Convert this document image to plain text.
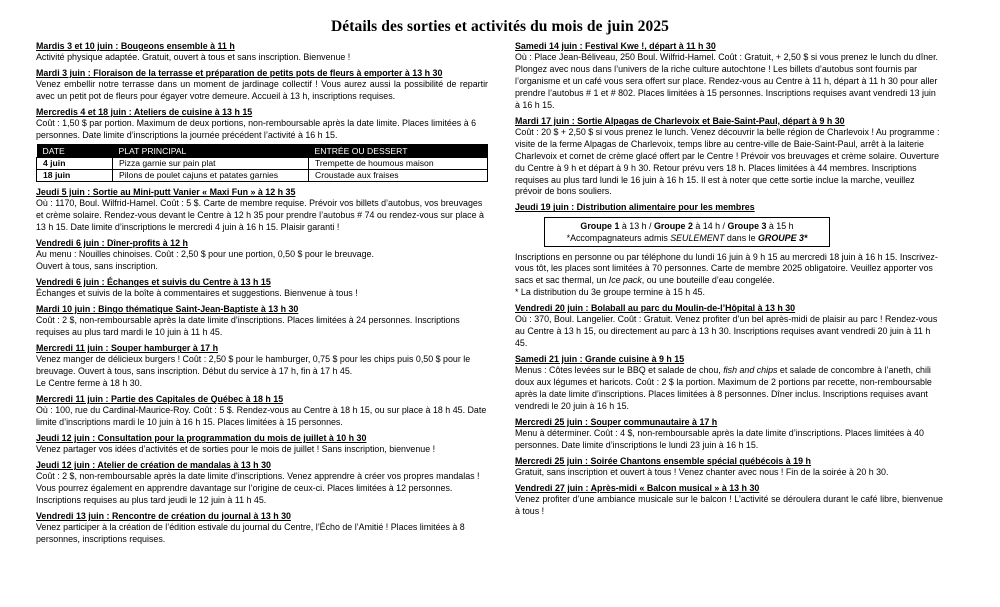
Détails des sorties et activités du mois de juin 2025
Mardis 3 et 10 juin : Bougeons ensemble à 11 h
Activité physique adaptée. Gratuit, ouvert à tous et sans inscription. Bienvenue !
Mardi 3 juin : Floraison de la terrasse et préparation de petits pots de fleurs à emporter à 13 h 30
Venez embellir notre terrasse dans un moment de jardinage collectif ! Vous aurez aussi la possibilité de repartir avec un petit pot de fleurs pour égayer votre demeure. Accueil à 13 h, inscriptions requises.
Mercredis 4 et 18 juin : Ateliers de cuisine à 13 h 15
Coût : 1,50 $ par portion. Maximum de deux portions, non-remboursable après la date limite. Places limitées à 6 personnes. Date limite d’inscriptions la journée précédent l’activité à 16 h 15.
DATE	PLAT PRINCIPAL	ENTRÉE OU DESSERT
4 juin	Pizza garnie sur pain plat	Trempette de houmous maison
18 juin	Pilons de poulet cajuns et patates garnies	Croustade aux fraises
Jeudi 5 juin : Sortie au Mini-putt Vanier « Maxi Fun » à 12 h 35
Où : 1170, Boul. Wilfrid-Hamel. Coût : 5 $. Carte de membre requise. Prévoir vos billets d’autobus, vos breuvages et crème solaire. Rendez-vous devant le Centre à 12 h 35 pour prendre l’autobus # 74 ou rendez-vous sur place à 13 h 15. Date limite d’inscriptions le mercredi 4 juin à 16 h 15. Plaisir garanti !
Vendredi 6 juin : Dîner-profits à 12 h
Au menu : Nouilles chinoises. Coût : 2,50 $ pour une portion, 0,50 $ pour le breuvage.
Ouvert à tous, sans inscription.
Vendredi 6 juin : Échanges et suivis du Centre à 13 h 15
Échanges et suivis de la boîte à commentaires et suggestions. Bienvenue à tous !
Mardi 10 juin : Bingo thématique Saint-Jean-Baptiste à 13 h 30
Coût : 2 $, non-remboursable après la date limite d’inscriptions. Places limitées à 24 personnes. Inscriptions requises au plus tard mardi le 10 juin à 11 h 45.
Mercredi 11 juin : Souper hamburger à 17 h
Venez manger de délicieux burgers ! Coût : 2,50 $ pour le hamburger, 0,75 $ pour les chips puis 0,50 $ pour le breuvage. Ouvert à tous, sans inscription. Début du service à 17 h, fin à 17 h 45.
Le Centre ferme à 18 h 30.
Mercredi 11 juin : Partie des Capitales de Québec à 18 h 15
Où : 100, rue du Cardinal-Maurice-Roy. Coût : 5 $. Rendez-vous au Centre à 18 h 15, ou sur place à 18 h 45. Date limite d’inscriptions mardi le 10 juin à 16 h 15. Places limitées à 15 personnes.
Jeudi 12 juin : Consultation pour la programmation du mois de juillet à 10 h 30
Venez partager vos idées d’activités et de sorties pour le mois de juillet ! Sans inscription, bienvenue !
Jeudi 12 juin : Atelier de création de mandalas à 13 h 30
Coût : 2 $, non-remboursable après la date limite d’inscriptions. Venez apprendre à créer vos propres mandalas ! Vous pourrez également en apprendre davantage sur l’origine de ceux-ci. Places limitées à 12 personnes. Inscriptions requises au plus tard jeudi le 12 juin à 11 h 45.
Vendredi 13 juin : Rencontre de création du journal à 13 h 30
Venez participer à la création de l’édition estivale du journal du Centre, l’Écho de l’Amitié ! Places limitées à 8 personnes, inscriptions requises.
Samedi 14 juin : Festival Kwe !, départ à 11 h 30
Où : Place Jean-Béliveau, 250 Boul. Wilfrid-Hamel. Coût : Gratuit, + 2,50 $ si vous prenez le lunch du dîner. Plongez avec nous dans l’univers de la riche culture autochtone ! Les billets d’autobus sont fournis par l’organisme et un café vous sera offert sur place. Rendez-vous au Centre à 11 h, départ à 11 h 30 pour aller prendre l’autobus # 1 et # 802. Places limitées à 15 personnes. Inscriptions requises avant vendredi 13 juin à 16 h 15.
Mardi 17 juin : Sortie Alpagas de Charlevoix et Baie-Saint-Paul, départ à 9 h 30
Coût : 20 $ + 2,50 $ si vous prenez le lunch. Venez découvrir la belle région de Charlevoix ! Au programme : visite de la ferme Alpagas de Charlevoix, temps libre au centre-ville de Baie-Saint-Paul, arrêt à la laiterie Charlevoix et cornet de crème glacé offert par le Centre ! Prévoir vos breuvages et crème solaire. Ouverture du Centre à 9 h et départ à 9 h 30. Retour prévu vers 18 h. Places limitées à 44 membres. Inscriptions requises au plus tard lundi le 16 juin à 16 h 15. Il est à noter que cette sortie inclue la marche, veuillez prévoir de bons souliers.
Jeudi 19 juin : Distribution alimentaire pour les membres
Groupe 1 à 13 h / Groupe 2 à 14 h / Groupe 3 à 15 h
*Accompagnateurs admis SEULEMENT dans le GROUPE 3*
Inscriptions en personne ou par téléphone du lundi 16 juin à 9 h 15 au mercredi 18 juin à 16 h 15. Inscrivez-vous tôt, les places sont limitées à 70 personnes. Carte de membre 2025 obligatoire. Veuillez apporter vos sacs et sac thermal, un Ice pack, ou une bouteille d’eau congelée.
* La distribution du 3e groupe termine à 15 h 45.
Vendredi 20 juin : Bolaball au parc du Moulin-de-l’Hôpital à 13 h 30
Où : 370, Boul. Langelier. Coût : Gratuit. Venez profiter d’un bel après-midi de plaisir au parc ! Rendez-vous au Centre à 13 h 15, ou directement au parc à 13 h 30. Inscriptions requises avant vendredi 20 juin à 11 h 45.
Samedi 21 juin : Grande cuisine à 9 h 15
Menus : Côtes levées sur le BBQ et salade de chou, fish and chips et salade de concombre à l’aneth, chili doux aux légumes et haricots. Coût : 2 $ la portion. Maximum de 2 portions par recette, non-remboursable après la date limite d’inscriptions. Places limitées à 8 personnes. Dîner inclus. Inscriptions requises avant vendredi le 20 juin à 16 h 15.
Mercredi 25 juin : Souper communautaire à 17 h
Menu à déterminer. Coût : 4 $, non-remboursable après la date limite d’inscriptions. Places limitées à 40 personnes. Date limite d’inscriptions le lundi 23 juin à 16 h 15.
Mercredi 25 juin : Soirée Chantons ensemble spécial québécois à 19 h
Gratuit, sans inscription et ouvert à tous ! Venez chanter avec nous ! Fin de la soirée à 20 h 30.
Vendredi 27 juin : Après-midi « Balcon musical » à 13 h 30
Venez profiter d’une ambiance musicale sur le balcon ! L’activité se déroulera durant le café libre, bienvenue à tous !
